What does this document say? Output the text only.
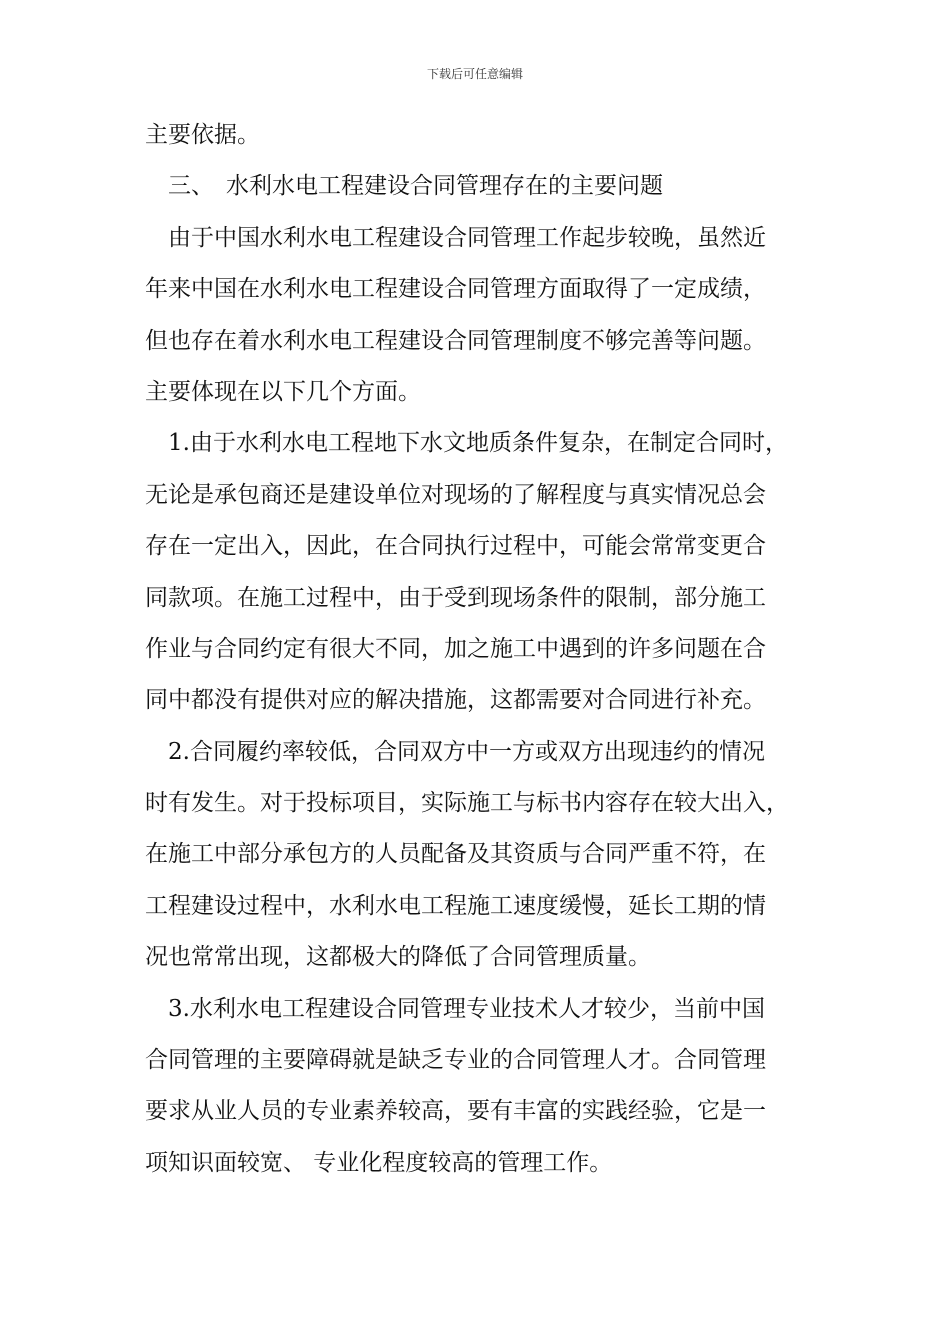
下载后可任意编辑
主要依据。
三、 水利水电工程建设合同管理存在的主要问题
由于中国水利水电工程建设合同管理工作起步较晚，虽然近
年来中国在水利水电工程建设合同管理方面取得了一定成绩，
但也存在着水利水电工程建设合同管理制度不够完善等问题。
主要体现在以下几个方面。
1.由于水利水电工程地下水文地质条件复杂，在制定合同时，
无论是承包商还是建设单位对现场的了解程度与真实情况总会
存在一定出入，因此，在合同执行过程中，可能会常常变更合
同款项。在施工过程中，由于受到现场条件的限制，部分施工
作业与合同约定有很大不同，加之施工中遇到的许多问题在合
同中都没有提供对应的解决措施，这都需要对合同进行补充。
2.合同履约率较低，合同双方中一方或双方出现违约的情况
时有发生。对于投标项目，实际施工与标书内容存在较大出入，
在施工中部分承包方的人员配备及其资质与合同严重不符，在
工程建设过程中，水利水电工程施工速度缓慢，延长工期的情
况也常常出现，这都极大的降低了合同管理质量。
3.水利水电工程建设合同管理专业技术人才较少，当前中国
合同管理的主要障碍就是缺乏专业的合同管理人才。合同管理
要求从业人员的专业素养较高，要有丰富的实践经验，它是一
项知识面较宽、 专业化程度较高的管理工作。
